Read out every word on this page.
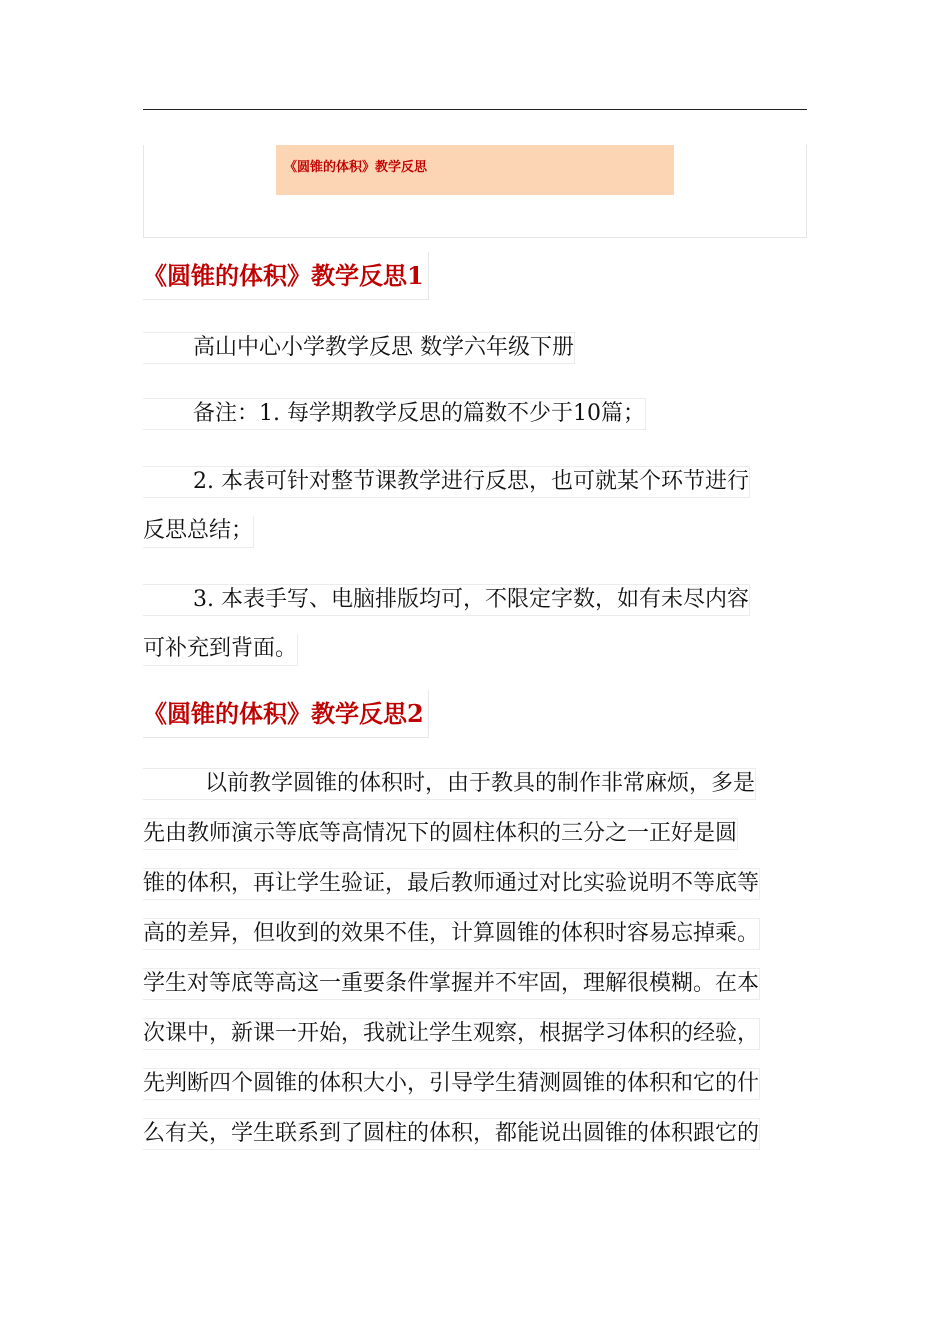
《圆锥的体积》教学反思
《圆锥的体积》教学反思1
高山中心小学教学反思 数学六年级下册
备注：1. 每学期教学反思的篇数不少于10篇；
2. 本表可针对整节课教学进行反思，也可就某个环节进行
反思总结；
3. 本表手写、电脑排版均可，不限定字数，如有未尽内容
可补充到背面。
《圆锥的体积》教学反思2
以前教学圆锥的体积时，由于教具的制作非常麻烦，多是
先由教师演示等底等高情况下的圆柱体积的三分之一正好是圆
锥的体积，再让学生验证，最后教师通过对比实验说明不等底等
高的差异，但收到的效果不佳，计算圆锥的体积时容易忘掉乘。
学生对等底等高这一重要条件掌握并不牢固，理解很模糊。在本
次课中，新课一开始，我就让学生观察，根据学习体积的经验，
先判断四个圆锥的体积大小，引导学生猜测圆锥的体积和它的什
么有关，学生联系到了圆柱的体积，都能说出圆锥的体积跟它的
